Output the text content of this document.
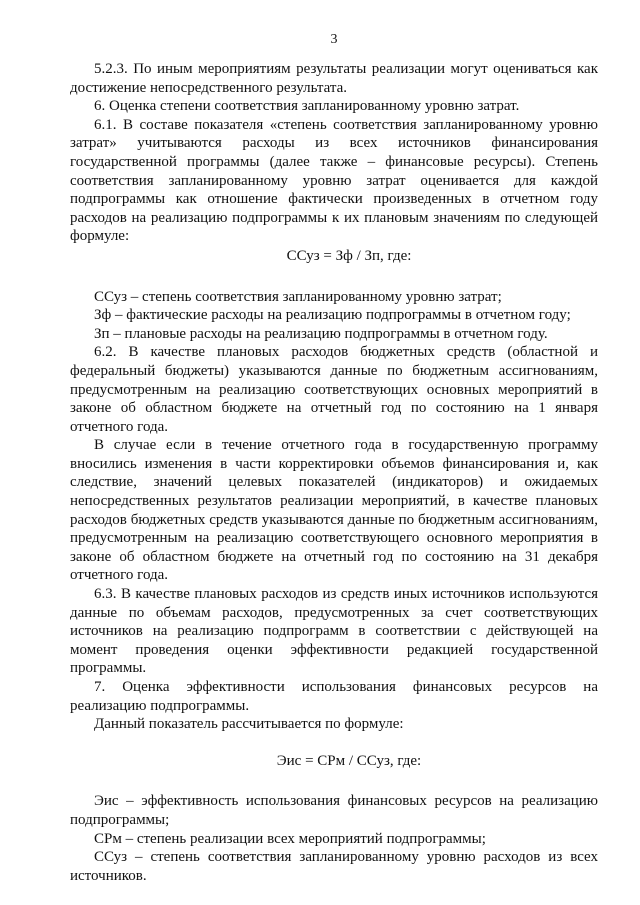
3

5.2.3. По иным мероприятиям результаты реализации могут оцениваться как достижение непосредственного результата.

6. Оценка степени соответствия запланированному уровню затрат.

6.1. В составе показателя «степень соответствия запланированному уровню затрат» учитываются расходы из всех источников финансирования государственной программы (далее также – финансовые ресурсы). Степень соответствия запланированному уровню затрат оценивается для каждой подпрограммы как отношение фактически произведенных в отчетном году расходов на реализацию подпрограммы к их плановым значениям по следующей формуле:

ССуз = Зф / Зп, где:

ССуз – степень соответствия запланированному уровню затрат;

Зф – фактические расходы на реализацию подпрограммы в отчетном году;

Зп – плановые расходы на реализацию подпрограммы в отчетном году.

6.2. В качестве плановых расходов бюджетных средств (областной и федеральный бюджеты) указываются данные по бюджетным ассигнованиям, предусмотренным на реализацию соответствующих основных мероприятий в законе об областном бюджете на отчетный год по состоянию на 1 января отчетного года.

В случае если в течение отчетного года в государственную программу вносились изменения в части корректировки объемов финансирования и, как следствие, значений целевых показателей (индикаторов) и ожидаемых непосредственных результатов реализации мероприятий, в качестве плановых расходов бюджетных средств указываются данные по бюджетным ассигнованиям, предусмотренным на реализацию соответствующего основного мероприятия в законе об областном бюджете на отчетный год по состоянию на 31 декабря отчетного года.

6.3. В качестве плановых расходов из средств иных источников используются данные по объемам расходов, предусмотренных за счет соответствующих источников на реализацию подпрограмм в соответствии с действующей на момент проведения оценки эффективности редакцией государственной программы.

7. Оценка эффективности использования финансовых ресурсов на реализацию подпрограммы.

Данный показатель рассчитывается по формуле:

Эис = СРм / ССуз, где:

Эис – эффективность использования финансовых ресурсов на реализацию подпрограммы;

СРм – степень реализации всех мероприятий подпрограммы;

ССуз – степень соответствия запланированному уровню расходов из всех источников.
